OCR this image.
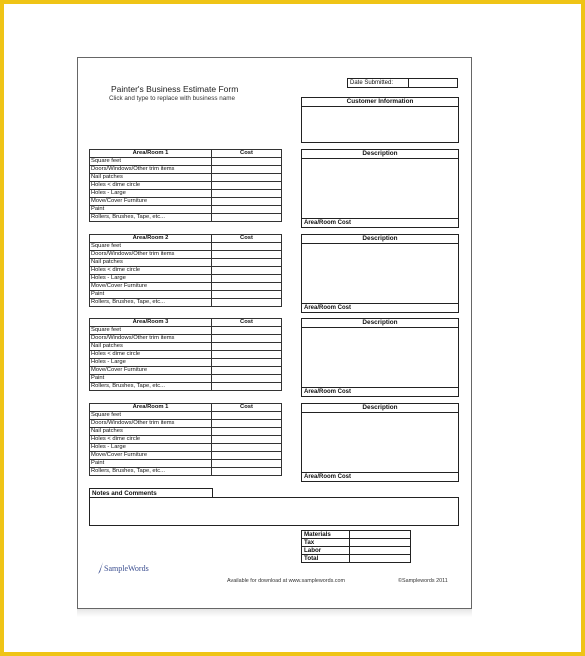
Painter's Business Estimate Form
Click and type to replace with business name
Date Submitted:
Customer Information
Area/Room 1	Cost
Square feet	
Doors/Windows/Other trim items	
Nail patches	
Holes < dime circle	
Holes - Large	
Move/Cover Furniture	
Paint	
Rollers, Brushes, Tape, etc...	
Description
Area/Room Cost
Area/Room 2	Cost
Square feet	
Doors/Windows/Other trim items	
Nail patches	
Holes < dime circle	
Holes - Large	
Move/Cover Furniture	
Paint	
Rollers, Brushes, Tape, etc...	
Description
Area/Room Cost
Area/Room 3	Cost
Square feet	
Doors/Windows/Other trim items	
Nail patches	
Holes < dime circle	
Holes - Large	
Move/Cover Furniture	
Paint	
Rollers, Brushes, Tape, etc...	
Description
Area/Room Cost
Area/Room 1	Cost
Square feet	
Doors/Windows/Other trim items	
Nail patches	
Holes < dime circle	
Holes - Large	
Move/Cover Furniture	
Paint	
Rollers, Brushes, Tape, etc...	
Description
Area/Room Cost
Notes and Comments
Materials	
Tax	
Labor	
Total	
SampleWords
Available for download at www.samplewords.com	©Samplewords 2011
